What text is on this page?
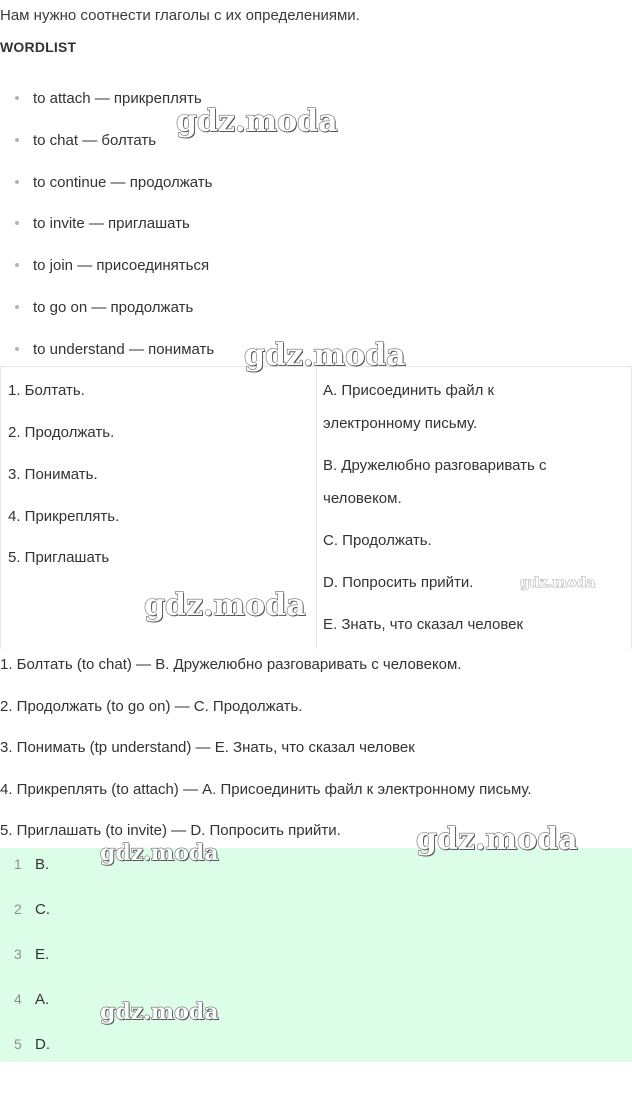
Нам нужно соотнести глаголы с их определениями.
WORDLIST
to attach — прикреплять
to chat — болтать
to continue — продолжать
to invite — приглашать
to join — присоединяться
to go on — продолжать
to understand — понимать
1. Болтать.
2. Продолжать.
3. Понимать.
4. Прикреплять.
5. Приглашать
A. Присоединить файл к
электронному письму.
B. Дружелюбно разговаривать с
человеком.
C. Продолжать.
D. Попросить прийти.
E. Знать, что сказал человек
1. Болтать (to chat) — B. Дружелюбно разговаривать с человеком.
2. Продолжать (to go on) — C. Продолжать.
3. Понимать (tp understand) — E. Знать, что сказал человек
4. Прикреплять (to attach) — A. Присоединить файл к электронному письму.
5. Приглашать (to invite) — D. Попросить прийти.
1 B.
2 C.
3 E.
4 A.
5 D.
gdz.moda
gdz.moda
gdz.moda
gdz.moda
gdz.moda
gdz.moda
gdz.moda
